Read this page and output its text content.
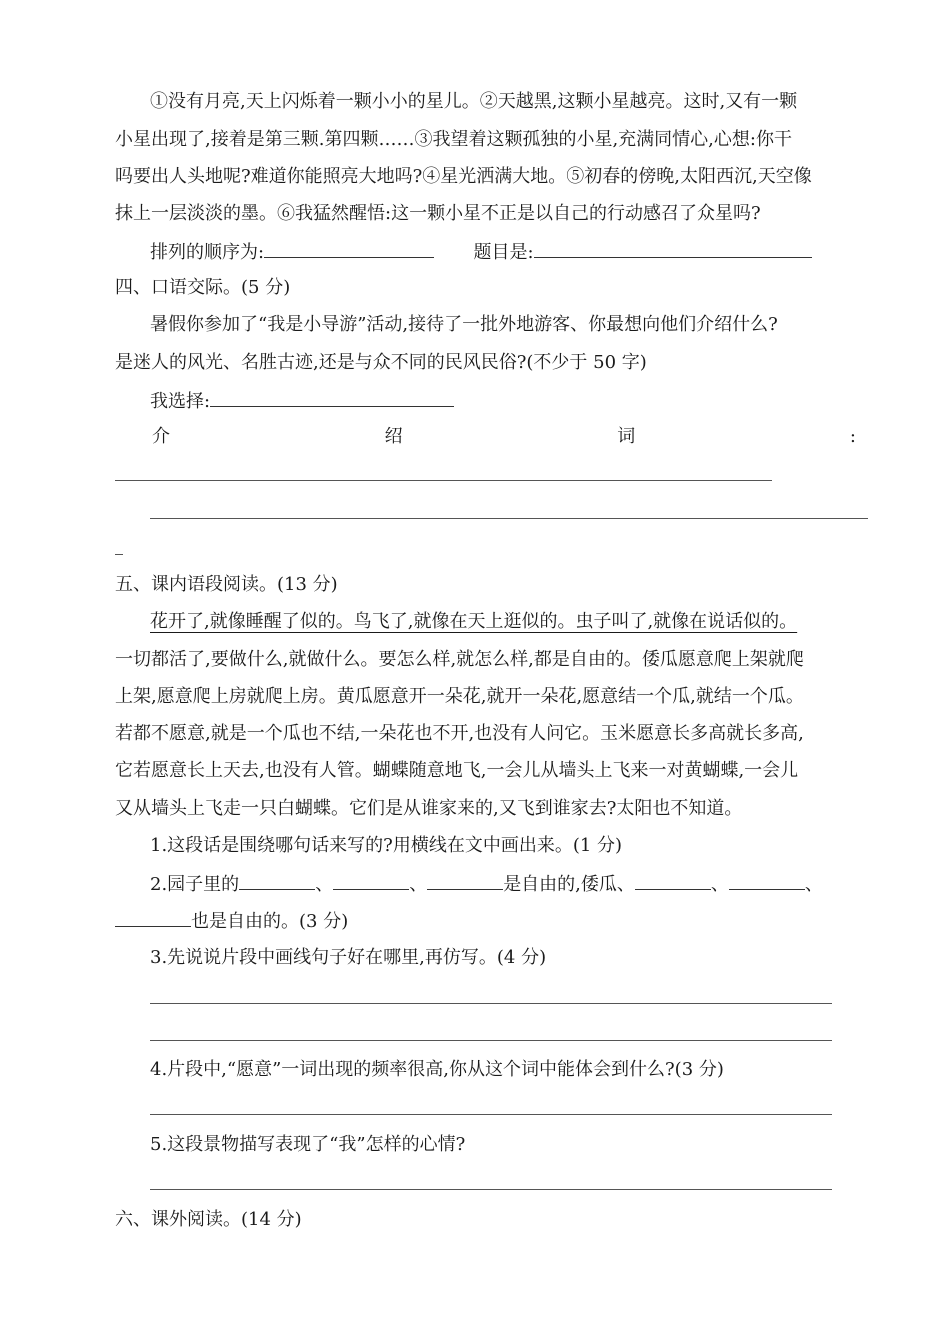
①没有月亮,天上闪烁着一颗小小的星儿。②天越黑,这颗小星越亮。这时,又有一颗
小星出现了,接着是第三颗.第四颗……③我望着这颗孤独的小星,充满同情心,心想:你干
吗要出人头地呢?难道你能照亮大地吗?④星光洒满大地。⑤初春的傍晚,太阳西沉,天空像
抹上一层淡淡的墨。⑥我猛然醒悟:这一颗小星不正是以自己的行动感召了众星吗?
排列的顺序为:	题目是:
四、口语交际。(5 分)
暑假你参加了“我是小导游”活动,接待了一批外地游客、你最想向他们介绍什么?
是迷人的风光、名胜古迹,还是与众不同的民风民俗?(不少于 50 字)
我选择:
介	绍	词	:
五、课内语段阅读。(13 分)
花开了,就像睡醒了似的。鸟飞了,就像在天上逛似的。虫子叫了,就像在说话似的。
一切都活了,要做什么,就做什么。要怎么样,就怎么样,都是自由的。倭瓜愿意爬上架就爬
上架,愿意爬上房就爬上房。黄瓜愿意开一朵花,就开一朵花,愿意结一个瓜,就结一个瓜。
若都不愿意,就是一个瓜也不结,一朵花也不开,也没有人问它。玉米愿意长多高就长多高,
它若愿意长上天去,也没有人管。蝴蝶随意地飞,一会儿从墙头上飞来一对黄蝴蝶,一会儿
又从墙头上飞走一只白蝴蝶。它们是从谁家来的,又飞到谁家去?太阳也不知道。
1.这段话是围绕哪句话来写的?用横线在文中画出来。(1 分)
2.园子里的	、	、	是自由的,倭瓜、	、	、
也是自由的。(3 分)
3.先说说片段中画线句子好在哪里,再仿写。(4 分)
4.片段中,“愿意”一词出现的频率很高,你从这个词中能体会到什么?(3 分)
5.这段景物描写表现了“我”怎样的心情?
六、课外阅读。(14 分)
